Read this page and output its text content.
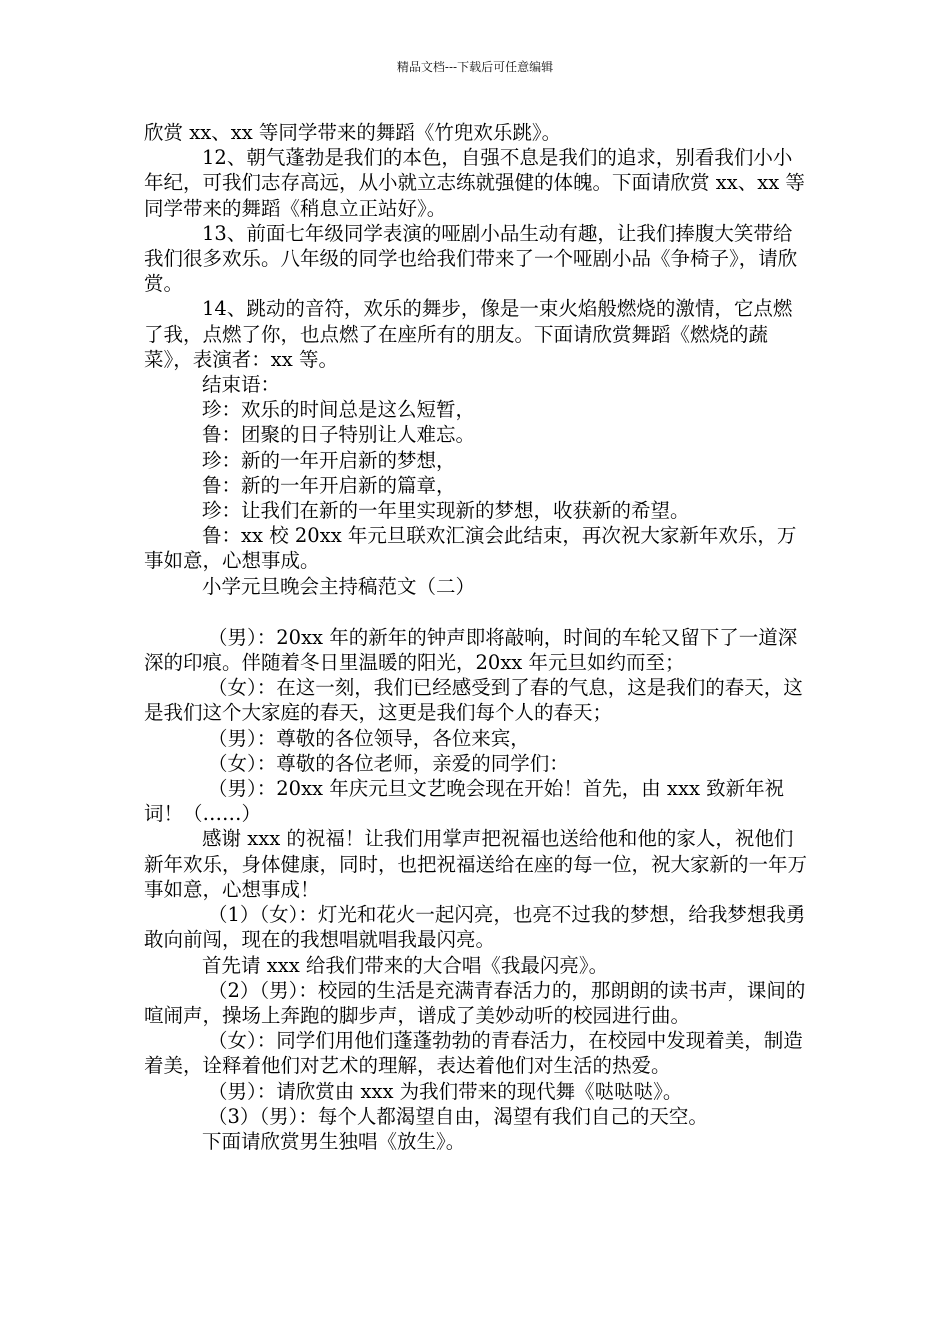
精品文档---下载后可任意编辑

欣赏 xx、xx 等同学带来的舞蹈《竹兜欢乐跳》。

12、朝气蓬勃是我们的本色，自强不息是我们的追求，别看我们小小年纪，可我们志存高远，从小就立志练就强健的体魄。下面请欣赏 xx、xx 等同学带来的舞蹈《稍息立正站好》。

13、前面七年级同学表演的哑剧小品生动有趣，让我们捧腹大笑带给我们很多欢乐。八年级的同学也给我们带来了一个哑剧小品《争椅子》，请欣赏。

14、跳动的音符，欢乐的舞步，像是一束火焰般燃烧的激情，它点燃了我，点燃了你，也点燃了在座所有的朋友。下面请欣赏舞蹈《燃烧的蔬菜》，表演者：xx 等。

结束语：

珍：欢乐的时间总是这么短暂，

鲁：团聚的日子特别让人难忘。

珍：新的一年开启新的梦想，

鲁：新的一年开启新的篇章，

珍：让我们在新的一年里实现新的梦想，收获新的希望。

鲁：xx 校 20xx 年元旦联欢汇演会此结束，再次祝大家新年欢乐，万事如意，心想事成。

小学元旦晚会主持稿范文（二）

（男）：20xx 年的新年的钟声即将敲响，时间的车轮又留下了一道深深的印痕。伴随着冬日里温暖的阳光，20xx 年元旦如约而至；

（女）：在这一刻，我们已经感受到了春的气息，这是我们的春天，这是我们这个大家庭的春天，这更是我们每个人的春天；

（男）：尊敬的各位领导，各位来宾，

（女）：尊敬的各位老师，亲爱的同学们：

（男）：20xx 年庆元旦文艺晚会现在开始！首先，由 xxx 致新年祝词！（……）

感谢 xxx 的祝福！让我们用掌声把祝福也送给他和他的家人，祝他们新年欢乐，身体健康，同时，也把祝福送给在座的每一位，祝大家新的一年万事如意，心想事成！

（1）（女）：灯光和花火一起闪亮，也亮不过我的梦想，给我梦想我勇敢向前闯，现在的我想唱就唱我最闪亮。

首先请 xxx 给我们带来的大合唱《我最闪亮》。

（2）（男）：校园的生活是充满青春活力的，那朗朗的读书声，课间的喧闹声，操场上奔跑的脚步声，谱成了美妙动听的校园进行曲。

（女）：同学们用他们蓬蓬勃勃的青春活力，在校园中发现着美，制造着美，诠释着他们对艺术的理解，表达着他们对生活的热爱。

（男）：请欣赏由 xxx 为我们带来的现代舞《哒哒哒》。

（3）（男）：每个人都渴望自由，渴望有我们自己的天空。

下面请欣赏男生独唱《放生》。
